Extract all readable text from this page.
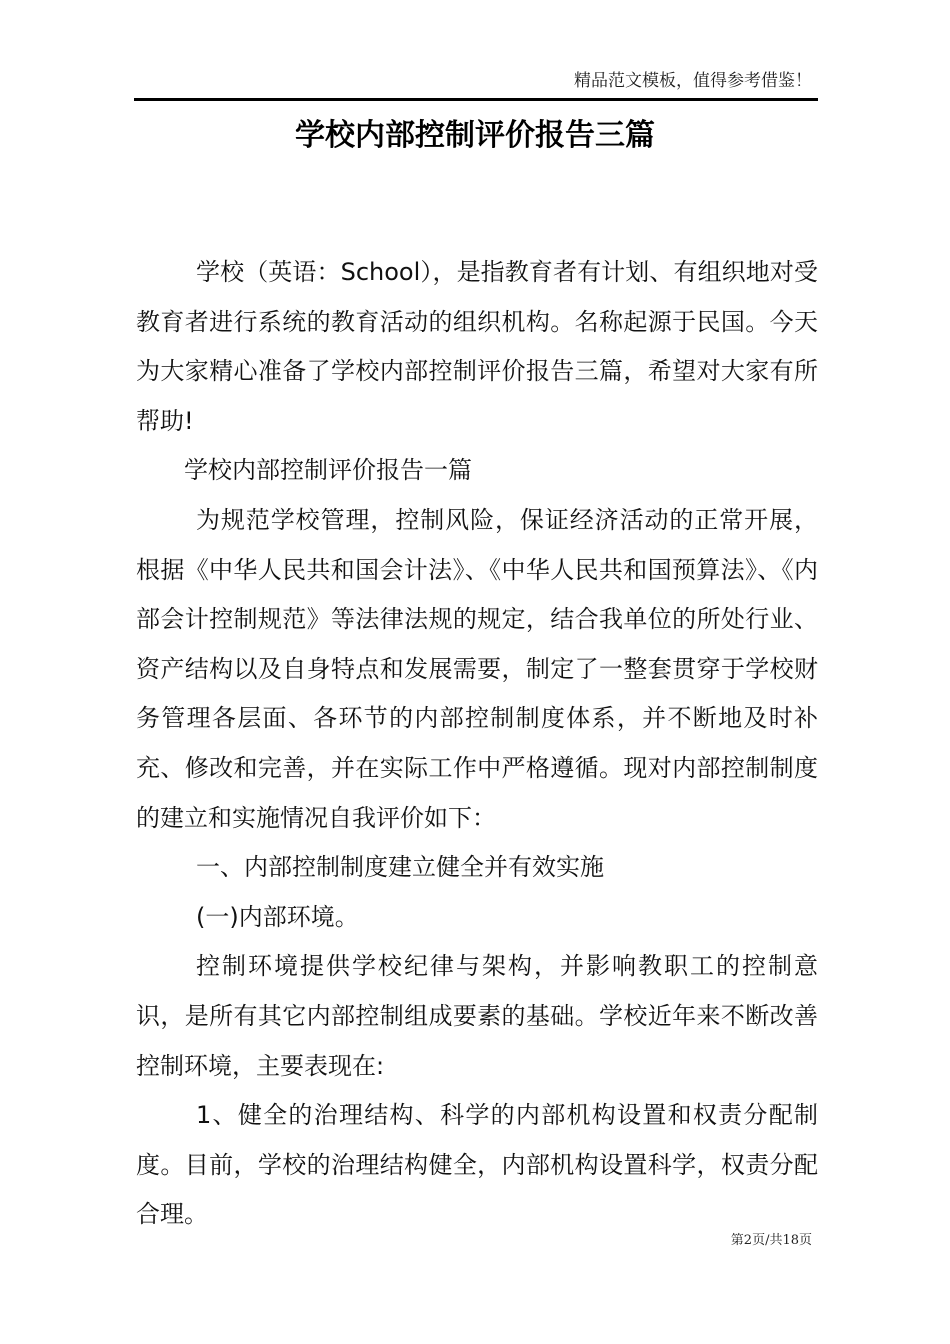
精品范文模板，值得参考借鉴！
学校内部控制评价报告三篇

学校（英语：School），是指教育者有计划、有组织地对受教育者进行系统的教育活动的组织机构。名称起源于民国。今天为大家精心准备了学校内部控制评价报告三篇，希望对大家有所帮助!

学校内部控制评价报告一篇

为规范学校管理，控制风险，保证经济活动的正常开展，根据《中华人民共和国会计法》、《中华人民共和国预算法》、《内部会计控制规范》等法律法规的规定，结合我单位的所处行业、资产结构以及自身特点和发展需要，制定了一整套贯穿于学校财务管理各层面、各环节的内部控制制度体系，并不断地及时补充、修改和完善，并在实际工作中严格遵循。现对内部控制制度的建立和实施情况自我评价如下：

一、内部控制制度建立健全并有效实施

(一)内部环境。

控制环境提供学校纪律与架构，并影响教职工的控制意识，是所有其它内部控制组成要素的基础。学校近年来不断改善控制环境，主要表现在:

1、健全的治理结构、科学的内部机构设置和权责分配制度。目前，学校的治理结构健全，内部机构设置科学，权责分配合理。

第2页/共18页
